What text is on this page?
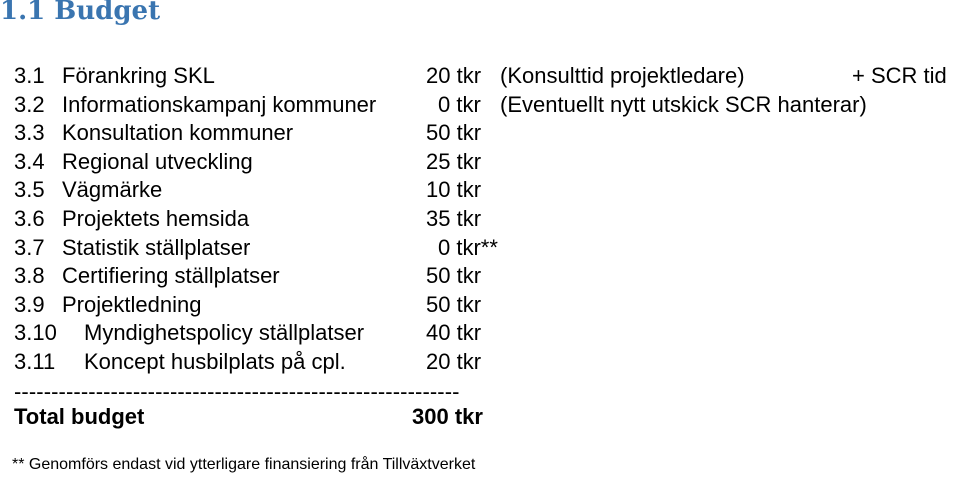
1.1 Budget
3.1 Förankring SKL	20 tkr (Konsulttid projektledare)	+ SCR tid
3.2 Informationskampanj kommuner	0 tkr (Eventuellt nytt utskick SCR hanterar)
3.3 Konsultation kommuner	50 tkr
3.4 Regional utveckling	25 tkr
3.5 Vägmärke	10 tkr
3.6 Projektets hemsida	35 tkr
3.7 Statistik ställplatser	0 tkr**
3.8 Certifiering ställplatser	50 tkr
3.9 Projektledning	50 tkr
3.10 Myndighetspolicy ställplatser	40 tkr
3.11 Koncept husbilplats på cpl.	20 tkr
------------------------------------------------------------
Total budget	300 tkr
** Genomförs endast vid ytterligare finansiering från Tillväxtverket
